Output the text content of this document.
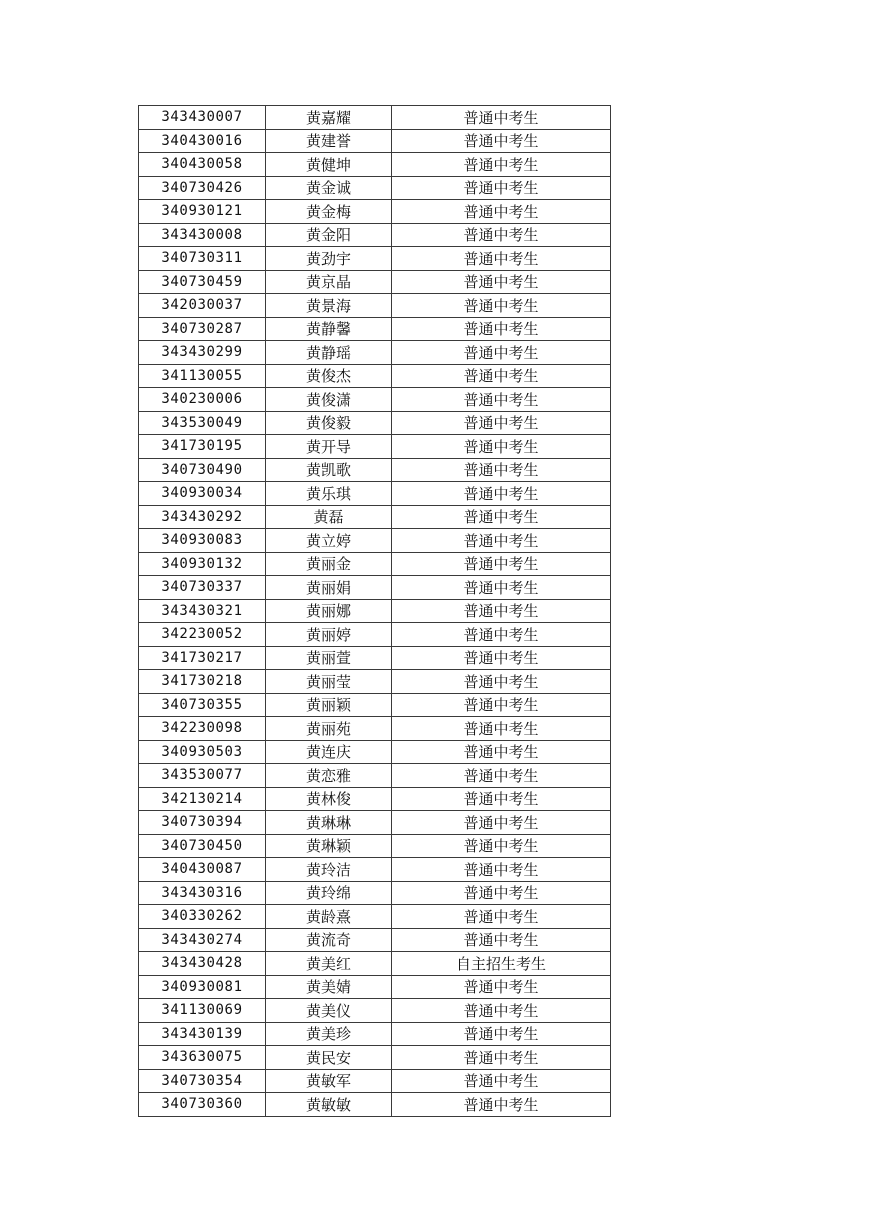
343430007	黄嘉耀	普通中考生
340430016	黄建誉	普通中考生
340430058	黄健坤	普通中考生
340730426	黄金诚	普通中考生
340930121	黄金梅	普通中考生
343430008	黄金阳	普通中考生
340730311	黄劲宇	普通中考生
340730459	黄京晶	普通中考生
342030037	黄景海	普通中考生
340730287	黄静馨	普通中考生
343430299	黄静瑶	普通中考生
341130055	黄俊杰	普通中考生
340230006	黄俊潇	普通中考生
343530049	黄俊毅	普通中考生
341730195	黄开导	普通中考生
340730490	黄凯歌	普通中考生
340930034	黄乐琪	普通中考生
343430292	黄磊	普通中考生
340930083	黄立婷	普通中考生
340930132	黄丽金	普通中考生
340730337	黄丽娟	普通中考生
343430321	黄丽娜	普通中考生
342230052	黄丽婷	普通中考生
341730217	黄丽萱	普通中考生
341730218	黄丽莹	普通中考生
340730355	黄丽颖	普通中考生
342230098	黄丽苑	普通中考生
340930503	黄连庆	普通中考生
343530077	黄恋雅	普通中考生
342130214	黄林俊	普通中考生
340730394	黄琳琳	普通中考生
340730450	黄琳颖	普通中考生
340430087	黄玲洁	普通中考生
343430316	黄玲绵	普通中考生
340330262	黄龄熹	普通中考生
343430274	黄流奇	普通中考生
343430428	黄美红	自主招生考生
340930081	黄美婧	普通中考生
341130069	黄美仪	普通中考生
343430139	黄美珍	普通中考生
343630075	黄民安	普通中考生
340730354	黄敏军	普通中考生
340730360	黄敏敏	普通中考生
